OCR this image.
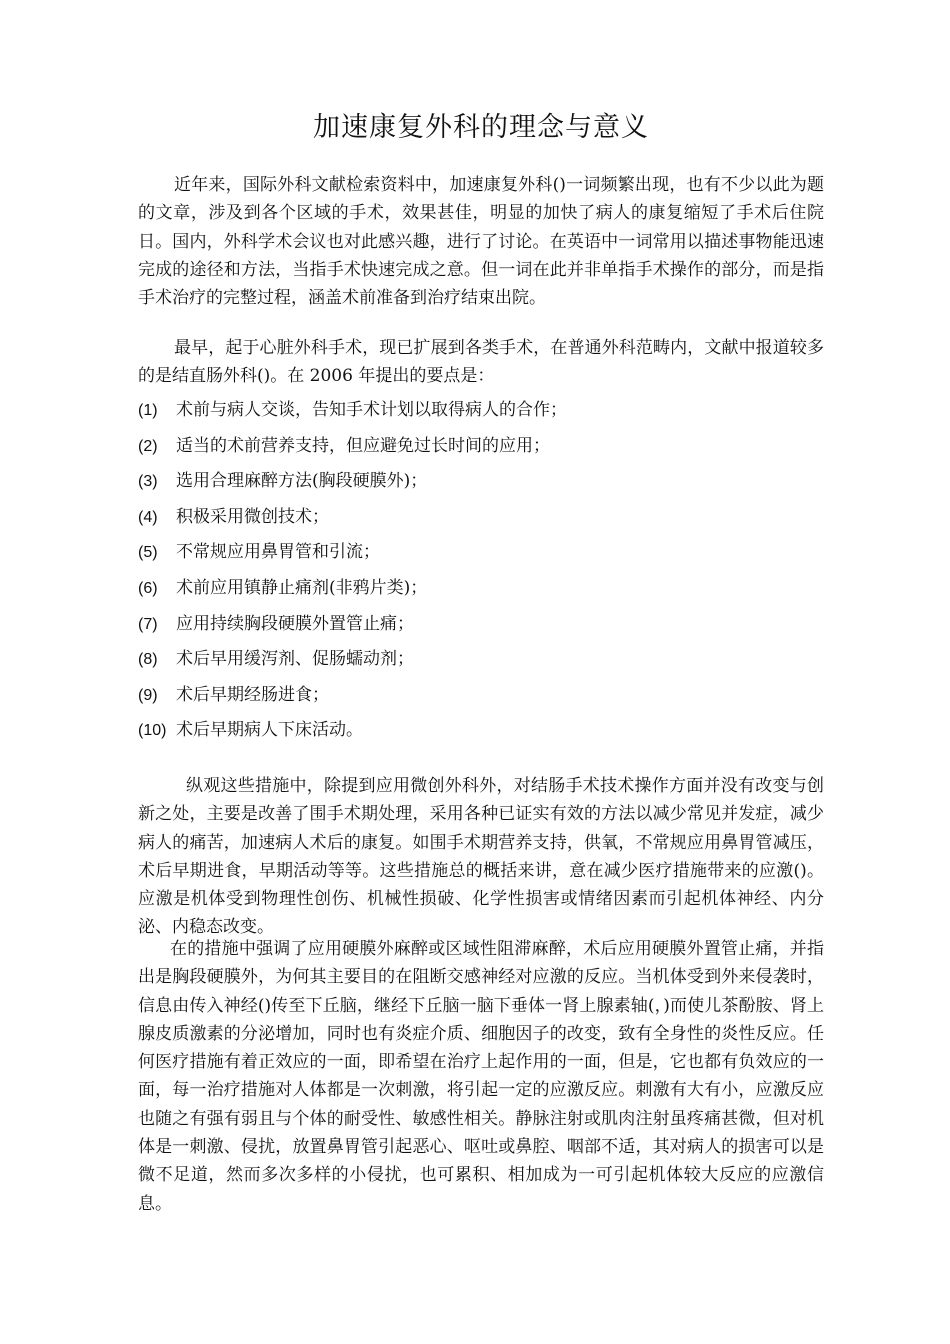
加速康复外科的理念与意义

近年来，国际外科文献检索资料中，加速康复外科()一词频繁出现，也有不少以此为题的文章，涉及到各个区域的手术，效果甚佳，明显的加快了病人的康复缩短了手术后住院日。国内，外科学术会议也对此感兴趣，进行了讨论。在英语中一词常用以描述事物能迅速完成的途径和方法，当指手术快速完成之意。但一词在此并非单指手术操作的部分，而是指手术治疗的完整过程，涵盖术前准备到治疗结束出院。

最早，起于心脏外科手术，现已扩展到各类手术，在普通外科范畴内，文献中报道较多的是结直肠外科()。在 2006 年提出的要点是：

(1) 术前与病人交谈，告知手术计划以取得病人的合作；
(2) 适当的术前营养支持，但应避免过长时间的应用；
(3) 选用合理麻醉方法(胸段硬膜外)；
(4) 积极采用微创技术；
(5) 不常规应用鼻胃管和引流；
(6) 术前应用镇静止痛剂(非鸦片类)；
(7) 应用持续胸段硬膜外置管止痛；
(8) 术后早用缓泻剂、促肠蠕动剂；
(9) 术后早期经肠进食；
(10) 术后早期病人下床活动。

纵观这些措施中，除提到应用微创外科外，对结肠手术技术操作方面并没有改变与创新之处，主要是改善了围手术期处理，采用各种已证实有效的方法以减少常见并发症，减少病人的痛苦，加速病人术后的康复。如围手术期营养支持，供氧，不常规应用鼻胃管减压，术后早期进食，早期活动等等。这些措施总的概括来讲，意在减少医疗措施带来的应激()。应激是机体受到物理性创伤、机械性损破、化学性损害或情绪因素而引起机体神经、内分泌、内稳态改变。

在的措施中强调了应用硬膜外麻醉或区域性阻滞麻醉，术后应用硬膜外置管止痛，并指出是胸段硬膜外，为何其主要目的在阻断交感神经对应激的反应。当机体受到外来侵袭时，信息由传入神经()传至下丘脑，继经下丘脑一脑下垂体一肾上腺素轴(，)而使儿茶酚胺、肾上腺皮质激素的分泌增加，同时也有炎症介质、细胞因子的改变，致有全身性的炎性反应。任何医疗措施有着正效应的一面，即希望在治疗上起作用的一面，但是，它也都有负效应的一面，每一治疗措施对人体都是一次刺激，将引起一定的应激反应。刺激有大有小，应激反应也随之有强有弱且与个体的耐受性、敏感性相关。静脉注射或肌肉注射虽疼痛甚微，但对机体是一刺激、侵扰，放置鼻胃管引起恶心、呕吐或鼻腔、咽部不适，其对病人的损害可以是微不足道，然而多次多样的小侵扰，也可累积、相加成为一可引起机体较大反应的应激信息。
